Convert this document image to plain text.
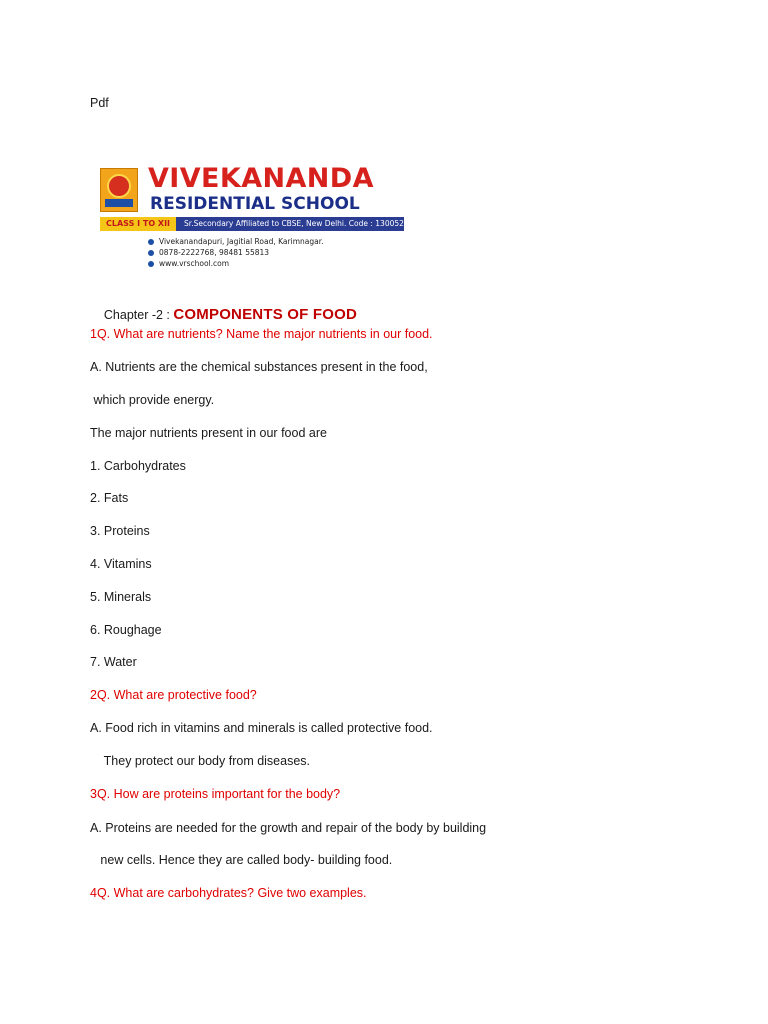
Pdf
VIVEKANANDA
RESIDENTIAL SCHOOL
CLASS I TO XII	Sr.Secondary Affiliated to CBSE, New Delhi. Code : 130052
Vivekanandapuri, Jagitial Road, Karimnagar.
0878-2222768, 98481 55813
www.vrschool.com

Chapter -2 : COMPONENTS OF FOOD

1Q. What are nutrients? Name the major nutrients in our food.
A. Nutrients are the chemical substances present in the food,
which provide energy.
The major nutrients present in our food are
1. Carbohydrates
2. Fats
3. Proteins
4. Vitamins
5. Minerals
6. Roughage
7. Water
2Q. What are protective food?
A. Food rich in vitamins and minerals is called protective food.
They protect our body from diseases.
3Q. How are proteins important for the body?
A. Proteins are needed for the growth and repair of the body by building
new cells. Hence they are called body- building food.
4Q. What are carbohydrates? Give two examples.
